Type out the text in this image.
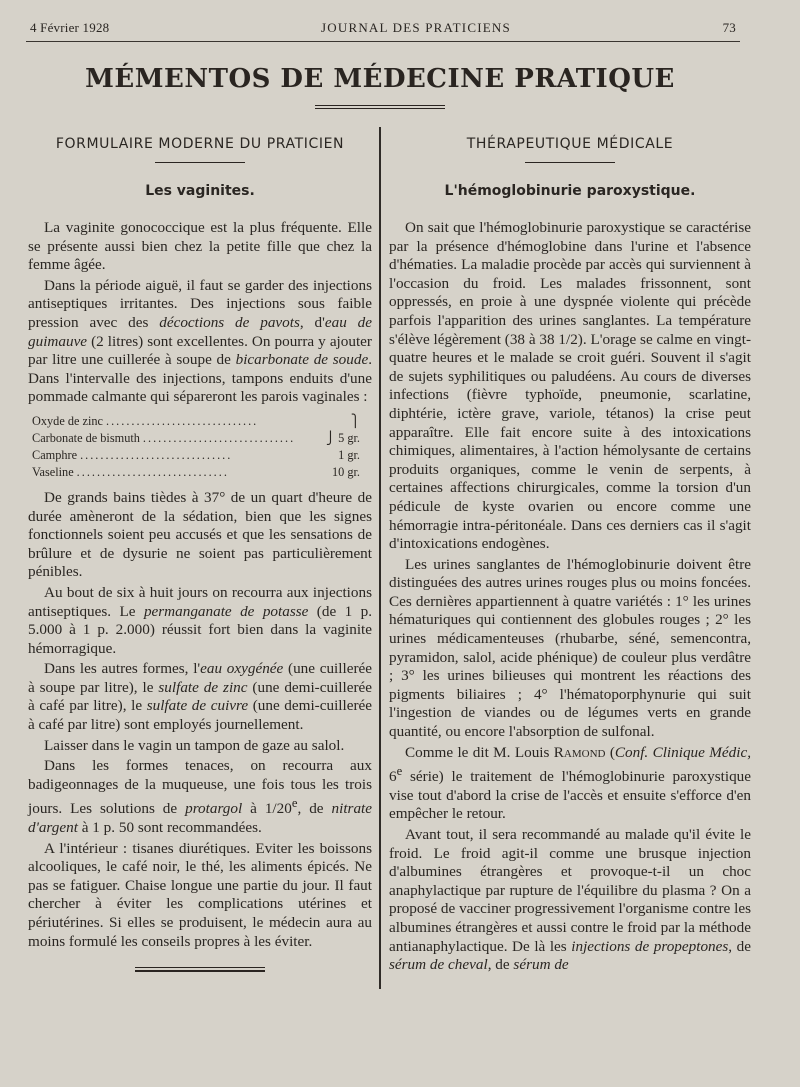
4 Février 1928	JOURNAL DES PRATICIENS	73
MÉMENTOS DE MÉDECINE PRATIQUE
FORMULAIRE MODERNE DU PRATICIEN
Les vaginites.

La vaginite gonococcique est la plus fréquente. Elle se présente aussi bien chez la petite fille que chez la femme âgée.

Dans la période aiguë, il faut se garder des injections antiseptiques irritantes. Des injections sous faible pression avec des décoctions de pavots, d'eau de guimauve (2 litres) sont excellentes. On pourra y ajouter par litre une cuillerée à soupe de bicarbonate de soude. Dans l'intervalle des injections, tampons enduits d'une pommade calmante qui sépareront les parois vaginales :

Oxyde de zinc ..............................	⎫
Carbonate de bismuth ..............................	⎭ 5 gr.
Camphre ..............................	1 gr.
Vaseline ..............................	10 gr.

De grands bains tièdes à 37° de un quart d'heure de durée amèneront de la sédation, bien que les signes fonctionnels soient peu accusés et que les sensations de brûlure et de dysurie ne soient pas particulièrement pénibles.

Au bout de six à huit jours on recourra aux injections antiseptiques. Le permanganate de potasse (de 1 p. 5.000 à 1 p. 2.000) réussit fort bien dans la vaginite hémorragique.

Dans les autres formes, l'eau oxygénée (une cuillerée à soupe par litre), le sulfate de zinc (une demi-cuillerée à café par litre), le sulfate de cuivre (une demi-cuillerée à café par litre) sont employés journellement.

Laisser dans le vagin un tampon de gaze au salol.

Dans les formes tenaces, on recourra aux badigeonnages de la muqueuse, une fois tous les trois jours. Les solutions de protargol à 1/20e, de nitrate d'argent à 1 p. 50 sont recommandées.

A l'intérieur : tisanes diurétiques. Eviter les boissons alcooliques, le café noir, le thé, les aliments épicés. Ne pas se fatiguer. Chaise longue une partie du jour. Il faut chercher à éviter les complications utérines et périutérines. Si elles se produisent, le médecin aura au moins formulé les conseils propres à les éviter.

THÉRAPEUTIQUE MÉDICALE
L'hémoglobinurie paroxystique.

On sait que l'hémoglobinurie paroxystique se caractérise par la présence d'hémoglobine dans l'urine et l'absence d'hématies. La maladie procède par accès qui surviennent à l'occasion du froid. Les malades frissonnent, sont oppressés, en proie à une dyspnée violente qui précède parfois l'apparition des urines sanglantes. La température s'élève légèrement (38 à 38 1/2). L'orage se calme en vingt-quatre heures et le malade se croit guéri. Souvent il s'agit de sujets syphilitiques ou paludéens. Au cours de diverses infections (fièvre typhoïde, pneumonie, scarlatine, diphtérie, ictère grave, variole, tétanos) la crise peut apparaître. Elle fait encore suite à des intoxications chimiques, alimentaires, à l'action hémolysante de certains produits organiques, comme le venin de serpents, à certaines affections chirurgicales, comme la torsion d'un pédicule de kyste ovarien ou encore comme une hémorragie intra-péritonéale. Dans ces derniers cas il s'agit d'intoxications endogènes.

Les urines sanglantes de l'hémoglobinurie doivent être distinguées des autres urines rouges plus ou moins foncées. Ces dernières appartiennent à quatre variétés : 1° les urines hématuriques qui contiennent des globules rouges ; 2° les urines médicamenteuses (rhubarbe, séné, semencontra, pyramidon, salol, acide phénique) de couleur plus verdâtre ; 3° les urines bilieuses qui montrent les réactions des pigments biliaires ; 4° l'hématoporphynurie qui suit l'ingestion de viandes ou de légumes verts en grande quantité, ou encore l'absorption de sulfonal.

Comme le dit M. Louis Ramond (Conf. Clinique Médic, 6e série) le traitement de l'hémoglobinurie paroxystique vise tout d'abord la crise de l'accès et ensuite s'efforce d'en empêcher le retour.

Avant tout, il sera recommandé au malade qu'il évite le froid. Le froid agit-il comme une brusque injection d'albumines étrangères et provoque-t-il un choc anaphylactique par rupture de l'équilibre du plasma ? On a proposé de vacciner progressivement l'organisme contre les albumines étrangères et aussi contre le froid par la méthode antianaphylactique. De là les injections de propeptones, de sérum de cheval, de sérum de
